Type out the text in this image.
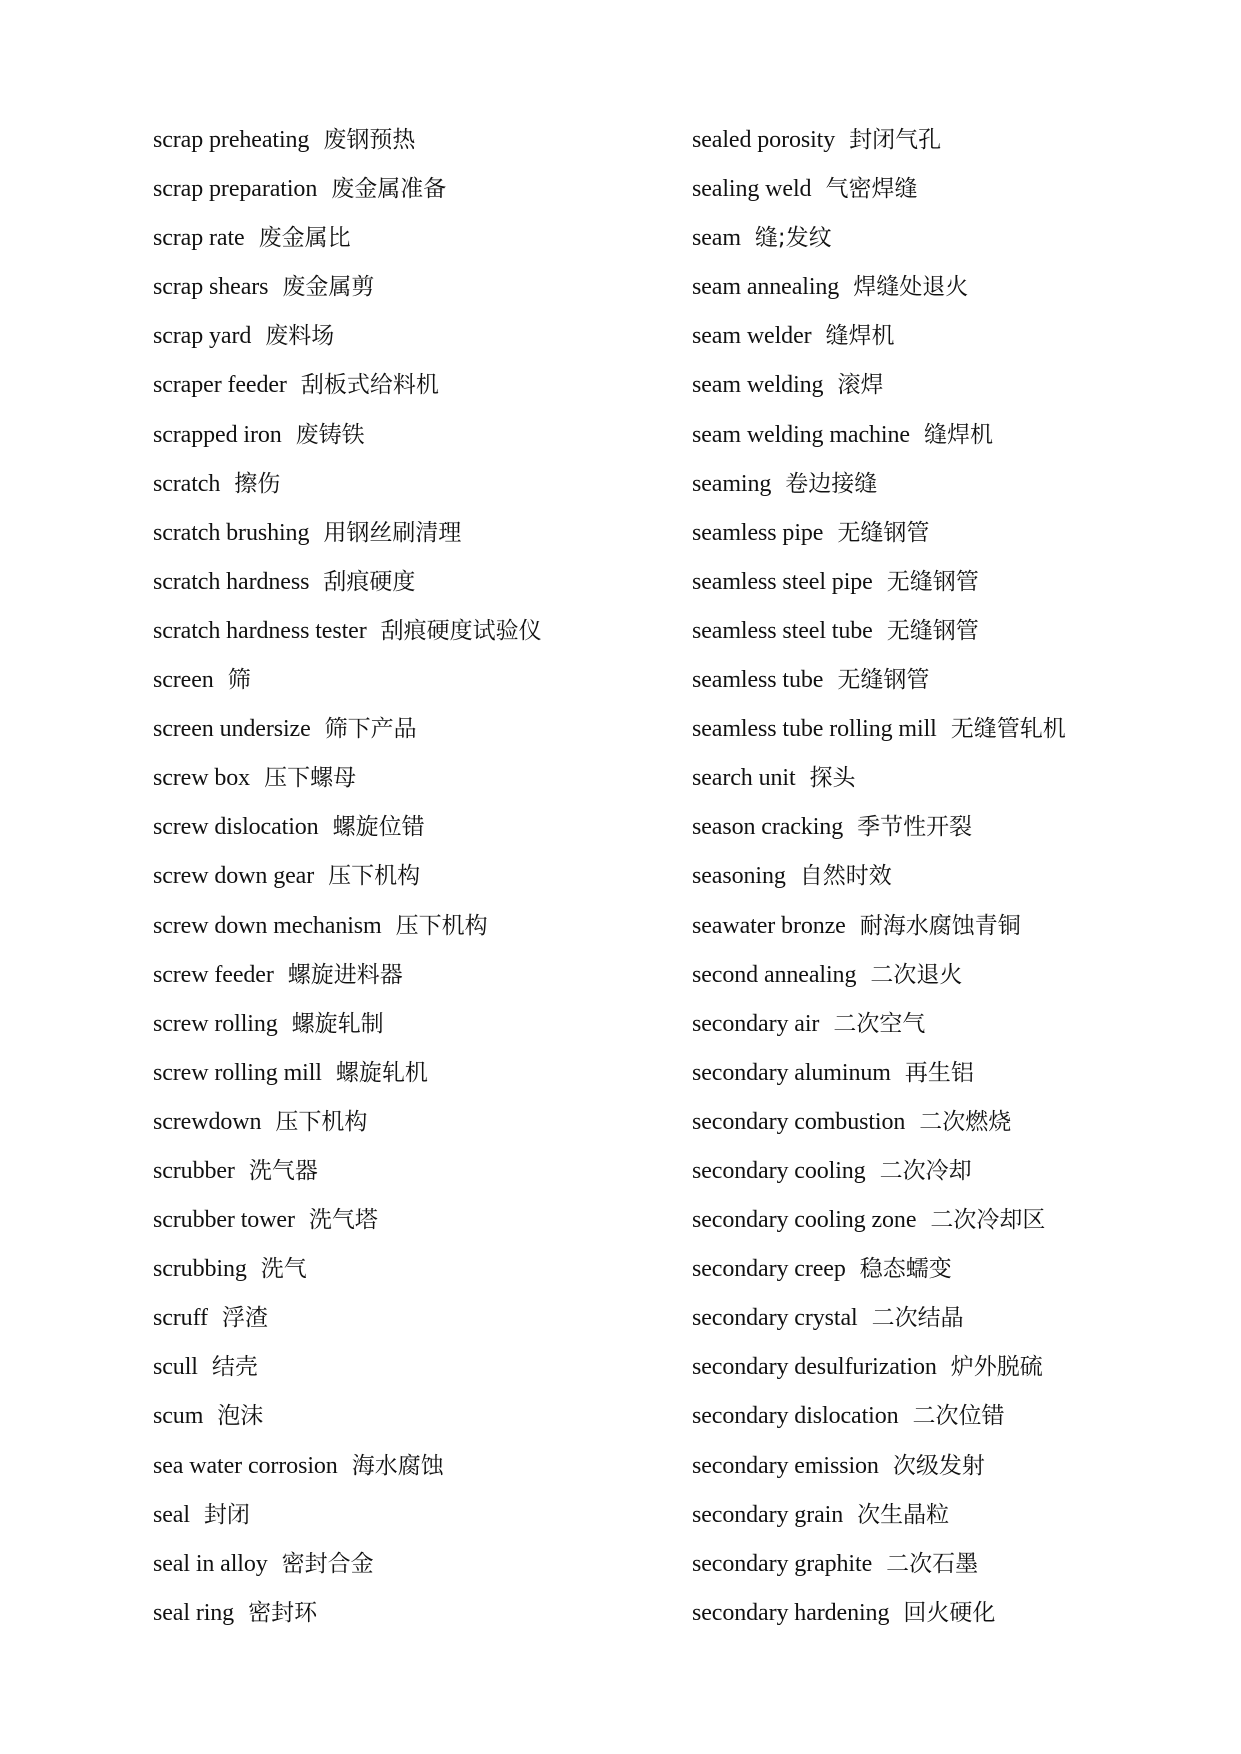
scrap preheating 废钢预热
scrap preparation 废金属准备
scrap rate 废金属比
scrap shears 废金属剪
scrap yard 废料场
scraper feeder 刮板式给料机
scrapped iron 废铸铁
scratch 擦伤
scratch brushing 用钢丝刷清理
scratch hardness 刮痕硬度
scratch hardness tester 刮痕硬度试验仪
screen 筛
screen undersize 筛下产品
screw box 压下螺母
screw dislocation 螺旋位错
screw down gear 压下机构
screw down mechanism 压下机构
screw feeder 螺旋进料器
screw rolling 螺旋轧制
screw rolling mill 螺旋轧机
screwdown 压下机构
scrubber 洗气器
scrubber tower 洗气塔
scrubbing 洗气
scruff 浮渣
scull 结壳
scum 泡沫
sea water corrosion 海水腐蚀
seal 封闭
seal in alloy 密封合金
seal ring 密封环
sealed porosity 封闭气孔
sealing weld 气密焊缝
seam 缝;发纹
seam annealing 焊缝处退火
seam welder 缝焊机
seam welding 滚焊
seam welding machine 缝焊机
seaming 卷边接缝
seamless pipe 无缝钢管
seamless steel pipe 无缝钢管
seamless steel tube 无缝钢管
seamless tube 无缝钢管
seamless tube rolling mill 无缝管轧机
search unit 探头
season cracking 季节性开裂
seasoning 自然时效
seawater bronze 耐海水腐蚀青铜
second annealing 二次退火
secondary air 二次空气
secondary aluminum 再生铝
secondary combustion 二次燃烧
secondary cooling 二次冷却
secondary cooling zone 二次冷却区
secondary creep 稳态蠕变
secondary crystal 二次结晶
secondary desulfurization 炉外脱硫
secondary dislocation 二次位错
secondary emission 次级发射
secondary grain 次生晶粒
secondary graphite 二次石墨
secondary hardening 回火硬化
